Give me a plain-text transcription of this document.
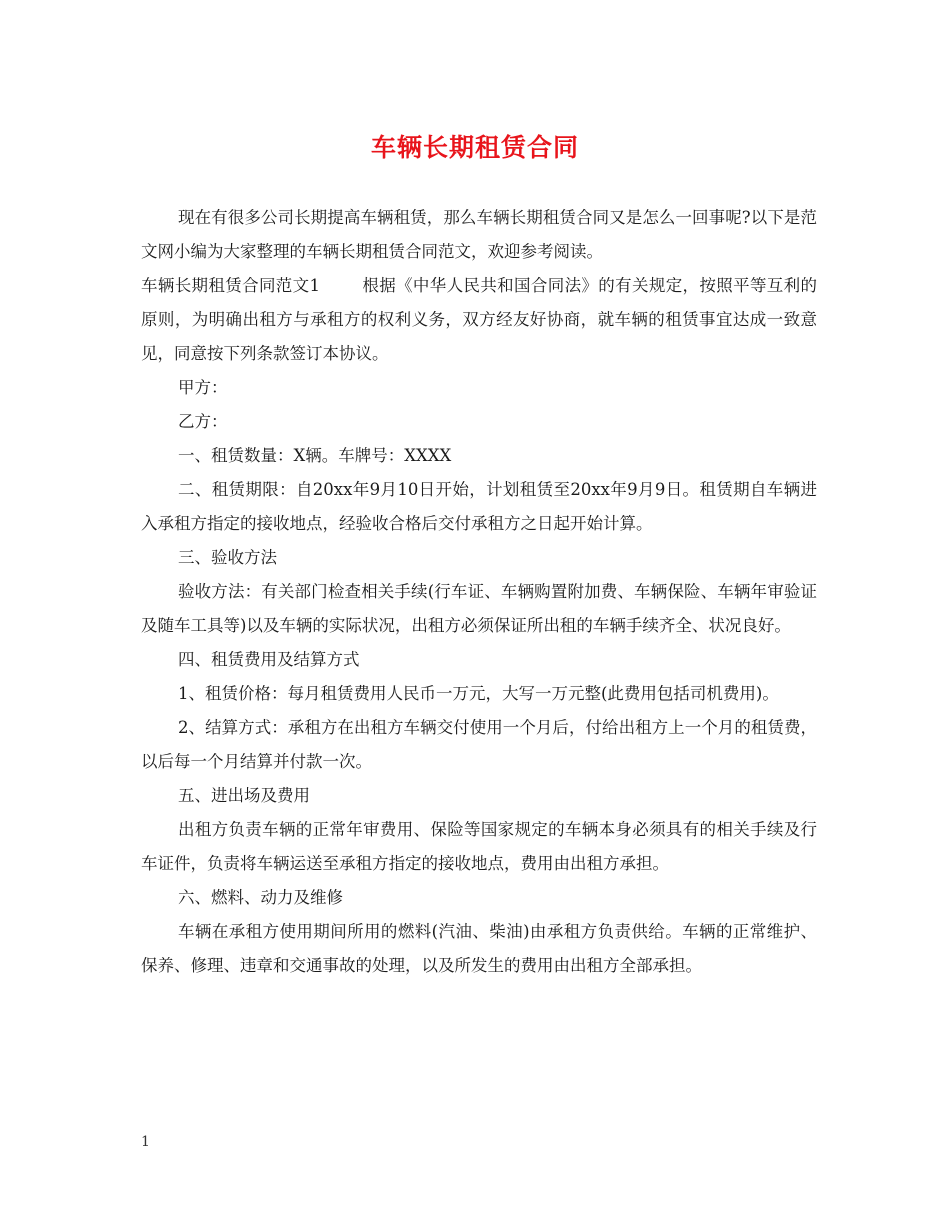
车辆长期租赁合同

现在有很多公司长期提高车辆租赁，那么车辆长期租赁合同又是怎么一回事呢?以下是范文网小编为大家整理的车辆长期租赁合同范文，欢迎参考阅读。

车辆长期租赁合同范文1	根据《中华人民共和国合同法》的有关规定，按照平等互利的原则，为明确出租方与承租方的权利义务，双方经友好协商，就车辆的租赁事宜达成一致意见，同意按下列条款签订本协议。

甲方：

乙方：

一、租赁数量：X辆。车牌号：XXXX

二、租赁期限：自20xx年9月10日开始，计划租赁至20xx年9月9日。租赁期自车辆进入承租方指定的接收地点，经验收合格后交付承租方之日起开始计算。

三、验收方法

验收方法：有关部门检查相关手续(行车证、车辆购置附加费、车辆保险、车辆年审验证及随车工具等)以及车辆的实际状况，出租方必须保证所出租的车辆手续齐全、状况良好。

四、租赁费用及结算方式

1、租赁价格：每月租赁费用人民币一万元，大写一万元整(此费用包括司机费用)。

2、结算方式：承租方在出租方车辆交付使用一个月后，付给出租方上一个月的租赁费，以后每一个月结算并付款一次。

五、进出场及费用

出租方负责车辆的正常年审费用、保险等国家规定的车辆本身必须具有的相关手续及行车证件，负责将车辆运送至承租方指定的接收地点，费用由出租方承担。

六、燃料、动力及维修

车辆在承租方使用期间所用的燃料(汽油、柴油)由承租方负责供给。车辆的正常维护、保养、修理、违章和交通事故的处理，以及所发生的费用由出租方全部承担。

1
